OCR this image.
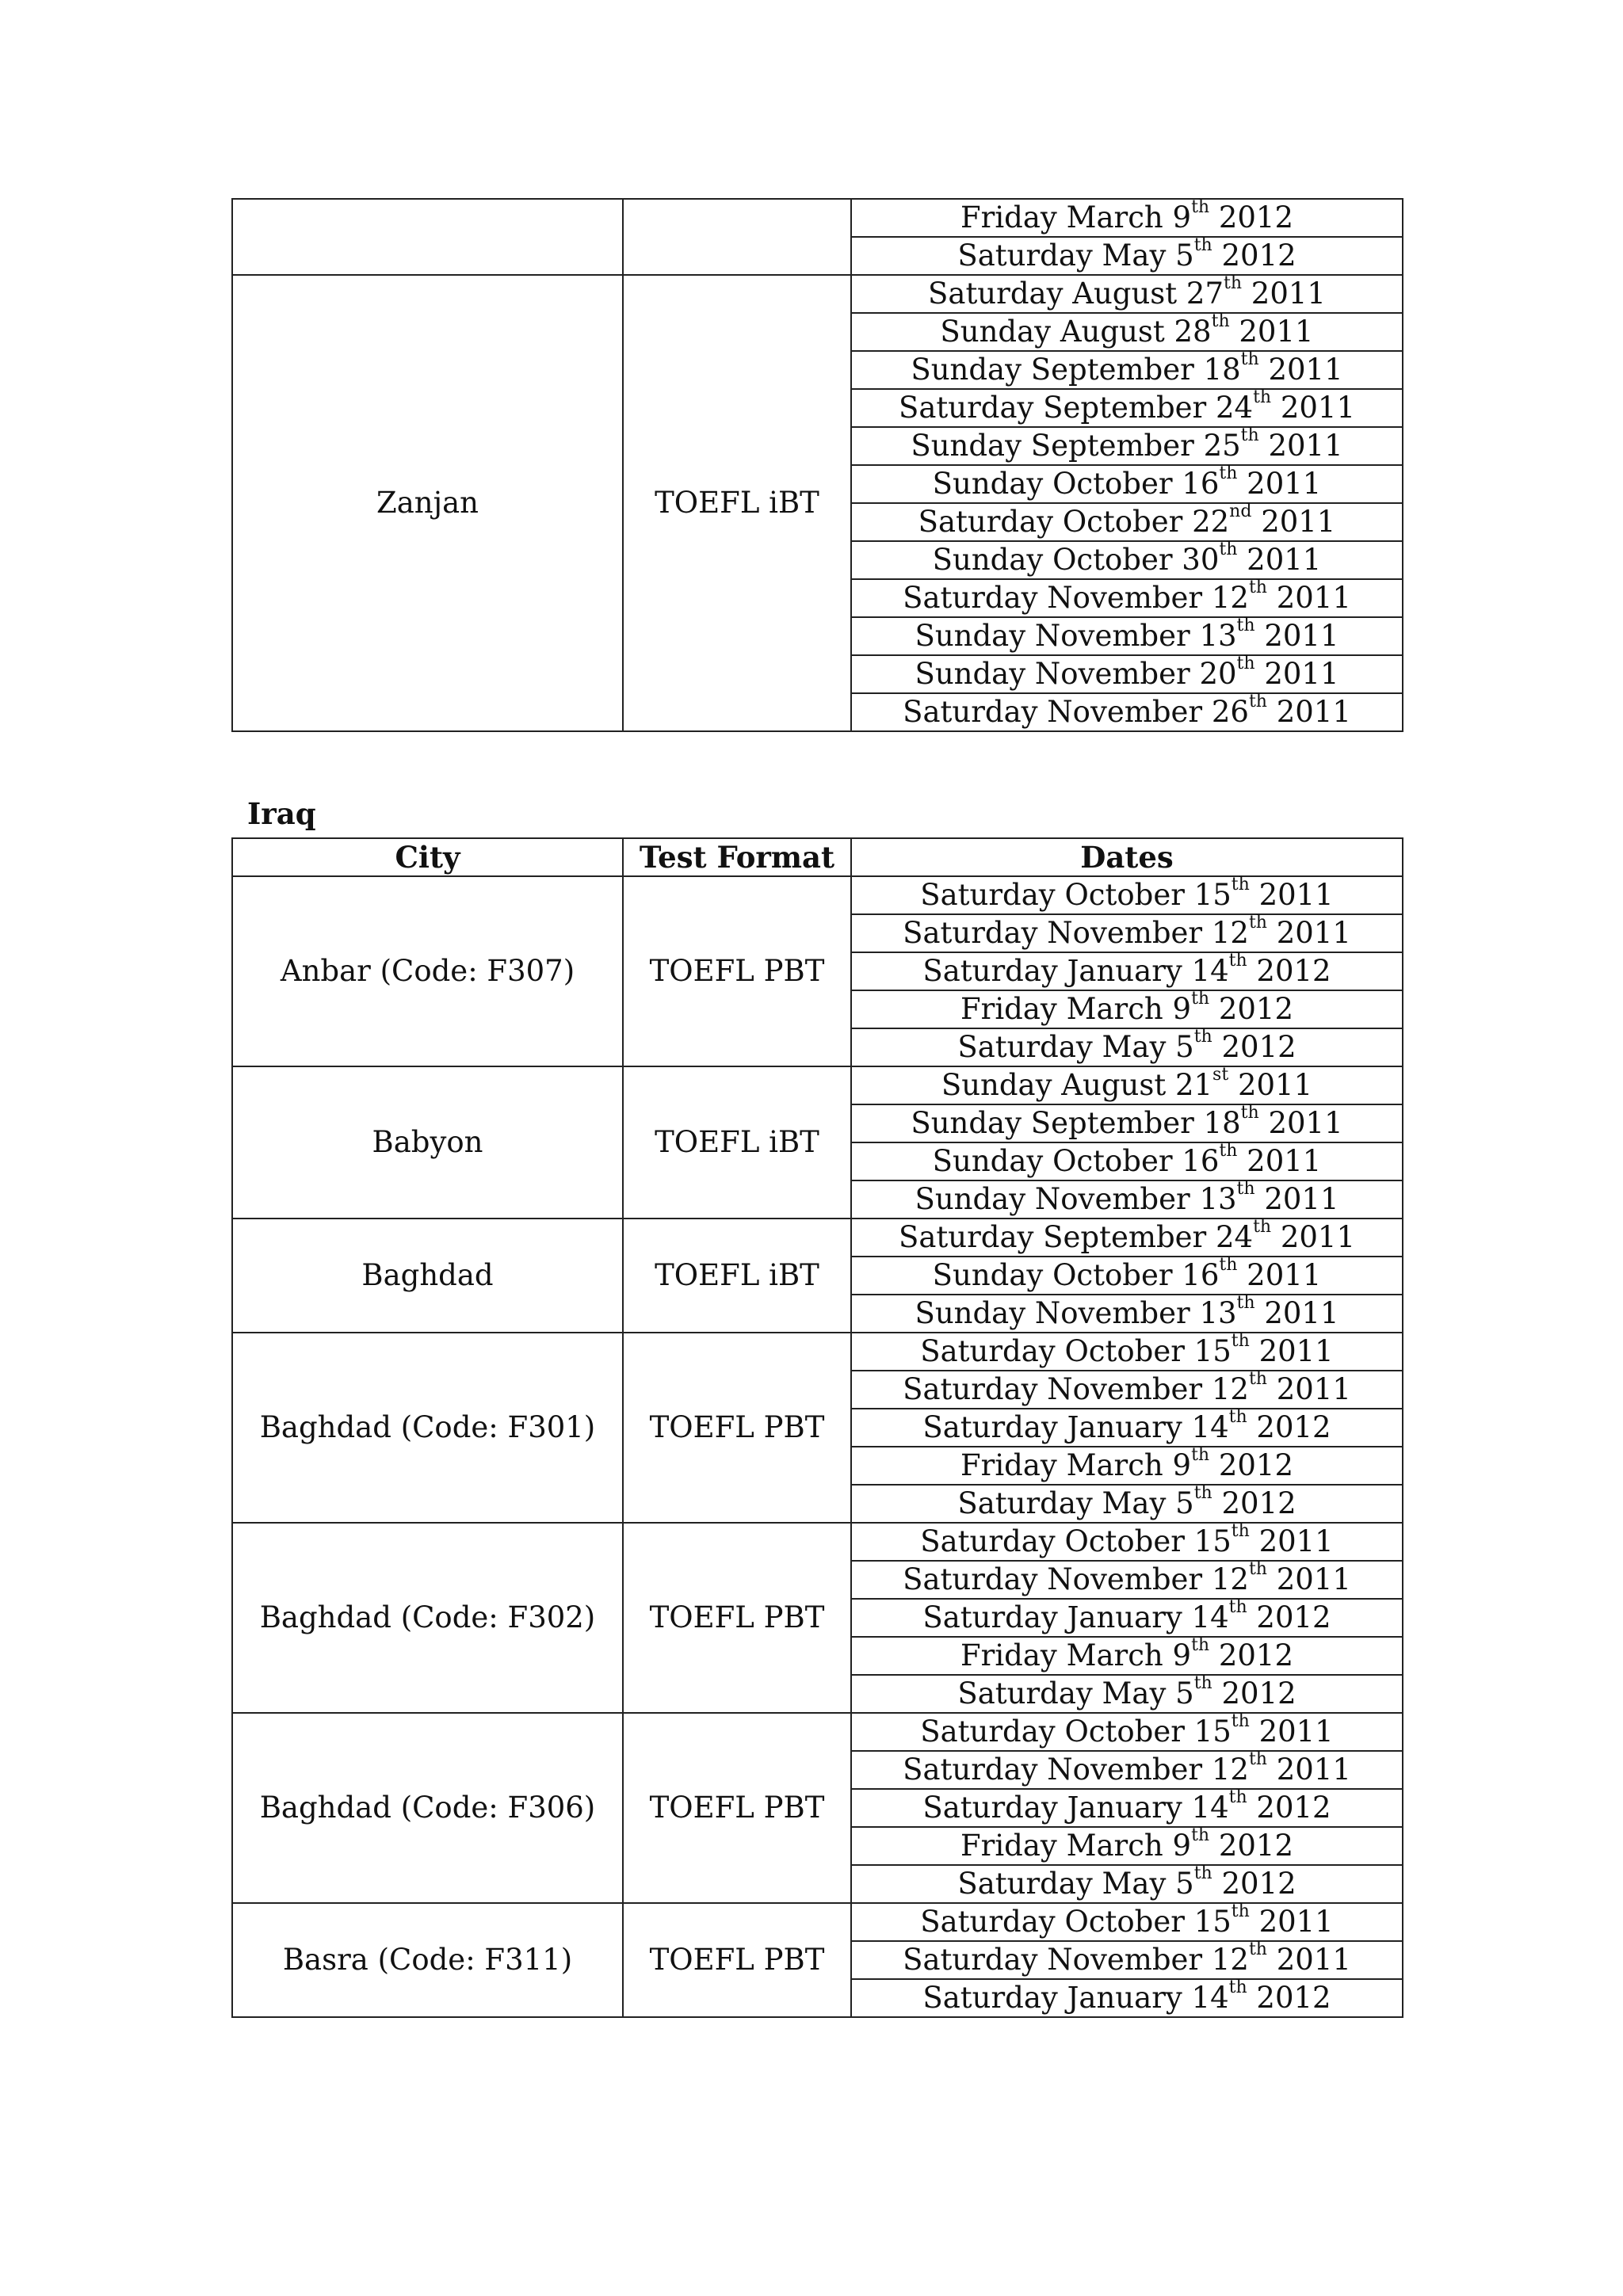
		Friday March 9th 2012
		Saturday May 5th 2012
Zanjan	TOEFL iBT	Saturday August 27th 2011
		Sunday August 28th 2011
		Sunday September 18th 2011
		Saturday September 24th 2011
		Sunday September 25th 2011
		Sunday October 16th 2011
		Saturday October 22nd 2011
		Sunday October 30th 2011
		Saturday November 12th 2011
		Sunday November 13th 2011
		Sunday November 20th 2011
		Saturday November 26th 2011
Iraq
City	Test Format	Dates
Anbar (Code: F307)	TOEFL PBT	Saturday October 15th 2011
		Saturday November 12th 2011
		Saturday January 14th 2012
		Friday March 9th 2012
		Saturday May 5th 2012
Babyon	TOEFL iBT	Sunday August 21st 2011
		Sunday September 18th 2011
		Sunday October 16th 2011
		Sunday November 13th 2011
Baghdad	TOEFL iBT	Saturday September 24th 2011
		Sunday October 16th 2011
		Sunday November 13th 2011
Baghdad (Code: F301)	TOEFL PBT	Saturday October 15th 2011
		Saturday November 12th 2011
		Saturday January 14th 2012
		Friday March 9th 2012
		Saturday May 5th 2012
Baghdad (Code: F302)	TOEFL PBT	Saturday October 15th 2011
		Saturday November 12th 2011
		Saturday January 14th 2012
		Friday March 9th 2012
		Saturday May 5th 2012
Baghdad (Code: F306)	TOEFL PBT	Saturday October 15th 2011
		Saturday November 12th 2011
		Saturday January 14th 2012
		Friday March 9th 2012
		Saturday May 5th 2012
Basra (Code: F311)	TOEFL PBT	Saturday October 15th 2011
		Saturday November 12th 2011
		Saturday January 14th 2012
